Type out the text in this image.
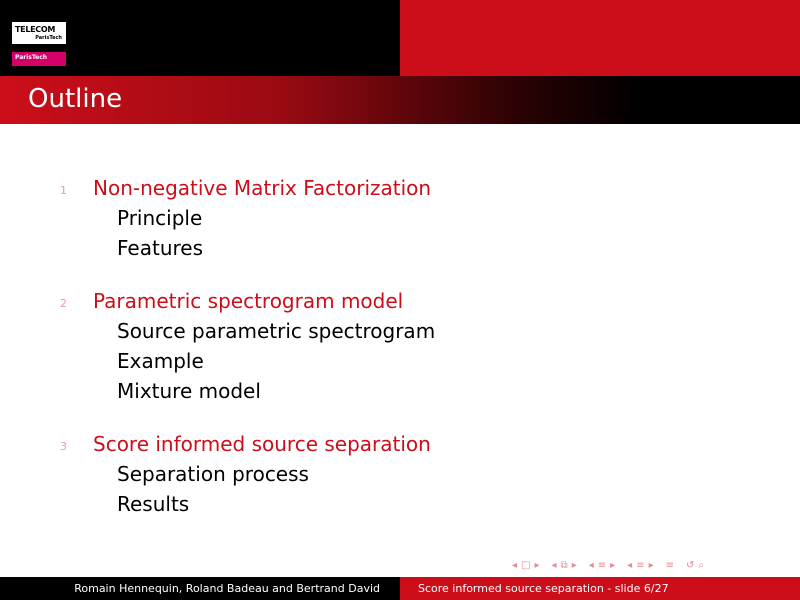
TELECOM
ParisTech
ParisTech
Outline
1 Non-negative Matrix Factorization
Principle
Features
2 Parametric spectrogram model
Source parametric spectrogram
Example
Mixture model
3 Score informed source separation
Separation process
Results
◂ □ ▸ ◂ ⧉ ▸ ◂ ≡ ▸ ◂ ≡ ▸ ≡ ↺ ⌕
Romain Hennequin, Roland Badeau and Bertrand David	Score informed source separation - slide 6/27
